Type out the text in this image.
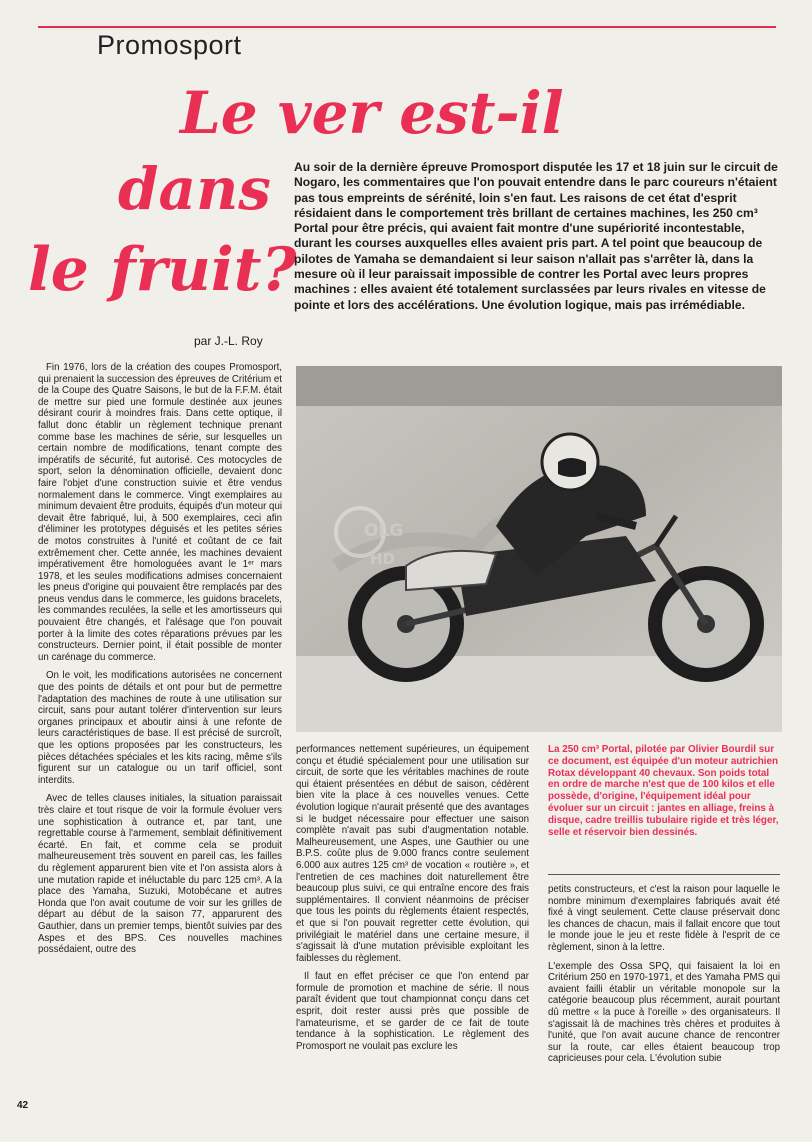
Promosport
Le ver est-il
dans
le fruit?

par J.-L. Roy

Au soir de la dernière épreuve Promosport disputée les 17 et 18 juin sur le circuit de Nogaro, les commentaires que l'on pouvait entendre dans le parc coureurs n'étaient pas tous empreints de sérénité, loin s'en faut. Les raisons de cet état d'esprit résidaient dans le comportement très brillant de certaines machines, les 250 cm³ Portal pour être précis, qui avaient fait montre d'une supériorité incontestable, durant les courses auxquelles elles avaient pris part. A tel point que beaucoup de pilotes de Yamaha se demandaient si leur saison n'allait pas s'arrêter là, dans la mesure où il leur paraissait impossible de contrer les Portal avec leurs propres machines : elles avaient été totalement surclassées par leurs rivales en vitesse de pointe et lors des accélérations. Une évolution logique, mais pas irrémédiable.

OLG
HD

La 250 cm³ Portal, pilotée par Olivier Bourdil sur ce document, est équipée d'un moteur autrichien Rotax développant 40 chevaux. Son poids total en ordre de marche n'est que de 100 kilos et elle possède, d'origine, l'équipement idéal pour évoluer sur un circuit : jantes en alliage, freins à disque, cadre treillis tubulaire rigide et très léger, selle et réservoir bien dessinés.

Fin 1976, lors de la création des coupes Promosport, qui prenaient la succession des épreuves de Critérium et de la Coupe des Quatre Saisons, le but de la F.F.M. était de mettre sur pied une formule destinée aux jeunes désirant courir à moindres frais. Dans cette optique, il fallut donc établir un règlement technique prenant comme base les machines de série, sur lesquelles un certain nombre de modifications, tenant compte des impératifs de sécurité, fut autorisé. Ces motocycles de sport, selon la dénomination officielle, devaient donc faire l'objet d'une construction suivie et être vendus normalement dans le commerce. Vingt exemplaires au minimum devaient être produits, équipés d'un moteur qui devait être fabriqué, lui, à 500 exemplaires, ceci afin d'éliminer les prototypes déguisés et les petites séries de motos construites à l'unité et coûtant de ce fait extrêmement cher. Cette année, les machines devaient impérativement être homologuées avant le 1ᵉʳ mars 1978, et les seules modifications admises concernaient les pneus d'origine qui pouvaient être remplacés par des pneus vendus dans le commerce, les guidons bracelets, les commandes reculées, la selle et les amortisseurs qui pouvaient être changés, et l'alésage que l'on pouvait porter à la limite des cotes réparations prévues par les constructeurs. Dernier point, il était possible de monter un carénage du commerce.

On le voit, les modifications autorisées ne concernent que des points de détails et ont pour but de permettre l'adaptation des machines de route à une utilisation sur circuit, sans pour autant tolérer d'intervention sur leurs organes principaux et aboutir ainsi à une refonte de leurs caractéristiques de base. Il est précisé de surcroît, que les options proposées par les constructeurs, les pièces détachées spéciales et les kits racing, même s'ils figurent sur un catalogue ou un tarif officiel, sont interdits.

Avec de telles clauses initiales, la situation paraissait très claire et tout risque de voir la formule évoluer vers une sophistication à outrance et, par tant, une regrettable course à l'armement, semblait définitivement écarté. En fait, et comme cela se produit malheureusement très souvent en pareil cas, les failles du règlement apparurent bien vite et l'on assista alors à une mutation rapide et inéluctable du parc 125 cm³. A la place des Yamaha, Suzuki, Motobécane et autres Honda que l'on avait coutume de voir sur les grilles de départ au début de la saison 77, apparurent des Gauthier, dans un premier temps, bientôt suivies par des Aspes et des BPS. Ces nouvelles machines possédaient, outre des

performances nettement supérieures, un équipement conçu et étudié spécialement pour une utilisation sur circuit, de sorte que les véritables machines de route qui étaient présentées en début de saison, cédèrent bien vite la place à ces nouvelles venues. Cette évolution logique n'aurait présenté que des avantages si le budget nécessaire pour effectuer une saison complète n'avait pas subi d'augmentation notable. Malheureusement, une Aspes, une Gauthier ou une B.P.S. coûte plus de 9.000 francs contre seulement 6.000 aux autres 125 cm³ de vocation « routière », et l'entretien de ces machines doit naturellement être beaucoup plus suivi, ce qui entraîne encore des frais supplémentaires. Il convient néanmoins de préciser que tous les points du règlements étaient respectés, et que si l'on pouvait regretter cette évolution, qui privilégiait le matériel dans une certaine mesure, il s'agissait là d'une mutation prévisible exploitant les faiblesses du règlement.

Il faut en effet préciser ce que l'on entend par formule de promotion et machine de série. Il nous paraît évident que tout championnat conçu dans cet esprit, doit rester aussi près que possible de l'amateurisme, et se garder de ce fait de toute tendance à la sophistication. Le règlement des Promosport ne voulait pas exclure les

petits constructeurs, et c'est la raison pour laquelle le nombre minimum d'exemplaires fabriqués avait été fixé à vingt seulement. Cette clause préservait donc les chances de chacun, mais il fallait encore que tout le monde joue le jeu et reste fidèle à l'esprit de ce règlement, sinon à la lettre.

L'exemple des Ossa SPQ, qui faisaient la loi en Critérium 250 en 1970-1971, et des Yamaha PMS qui avaient failli établir un véritable monopole sur la catégorie beaucoup plus récemment, aurait pourtant dû mettre « la puce à l'oreille » des organisateurs. Il s'agissait là de machines très chères et produites à l'unité, que l'on avait aucune chance de rencontrer sur la route, car elles étaient beaucoup trop capricieuses pour cela. L'évolution subie

42
